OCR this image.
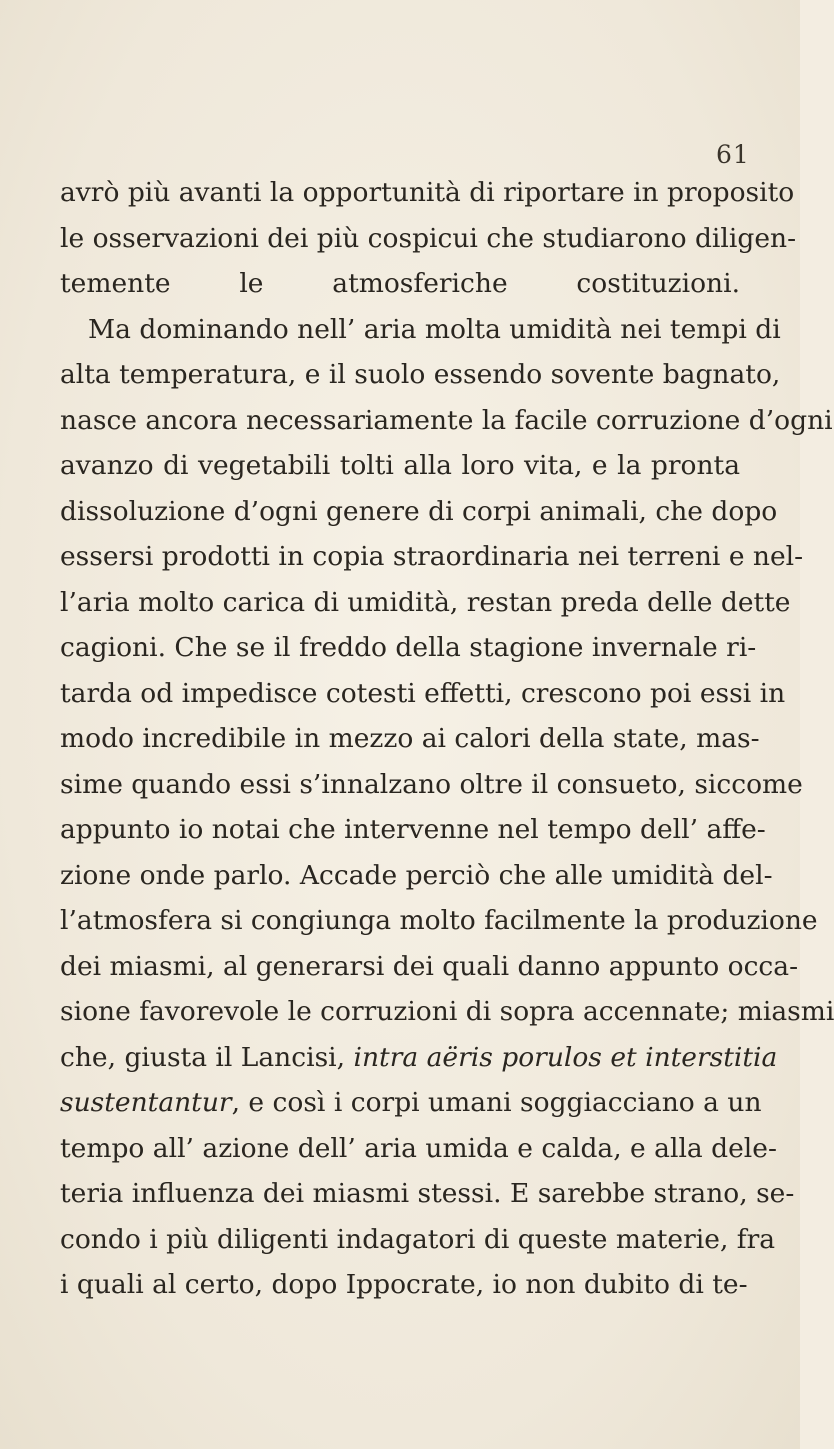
61
avrò più avanti la opportunità di riportare in proposito
le osservazioni dei più cospicui che studiarono diligen-
temente le atmosferiche costituzioni.
Ma dominando nell’ aria molta umidità nei tempi di
alta temperatura, e il suolo essendo sovente bagnato,
nasce ancora necessariamente la facile corruzione d’ogni
avanzo di vegetabili tolti alla loro vita, e la pronta
dissoluzione d’ogni genere di corpi animali, che dopo
essersi prodotti in copia straordinaria nei terreni e nel-
l’aria molto carica di umidità, restan preda delle dette
cagioni. Che se il freddo della stagione invernale ri-
tarda od impedisce cotesti effetti, crescono poi essi in
modo incredibile in mezzo ai calori della state, mas-
sime quando essi s’innalzano oltre il consueto, siccome
appunto io notai che intervenne nel tempo dell’ affe-
zione onde parlo. Accade perciò che alle umidità del-
l’atmosfera si congiunga molto facilmente la produzione
dei miasmi, al generarsi dei quali danno appunto occa-
sione favorevole le corruzioni di sopra accennate; miasmi
che, giusta il Lancisi, intra aëris porulos et interstitia
sustentantur, e così i corpi umani soggiacciano a un
tempo all’ azione dell’ aria umida e calda, e alla dele-
teria influenza dei miasmi stessi. E sarebbe strano, se-
condo i più diligenti indagatori di queste materie, fra
i quali al certo, dopo Ippocrate, io non dubito di te-
